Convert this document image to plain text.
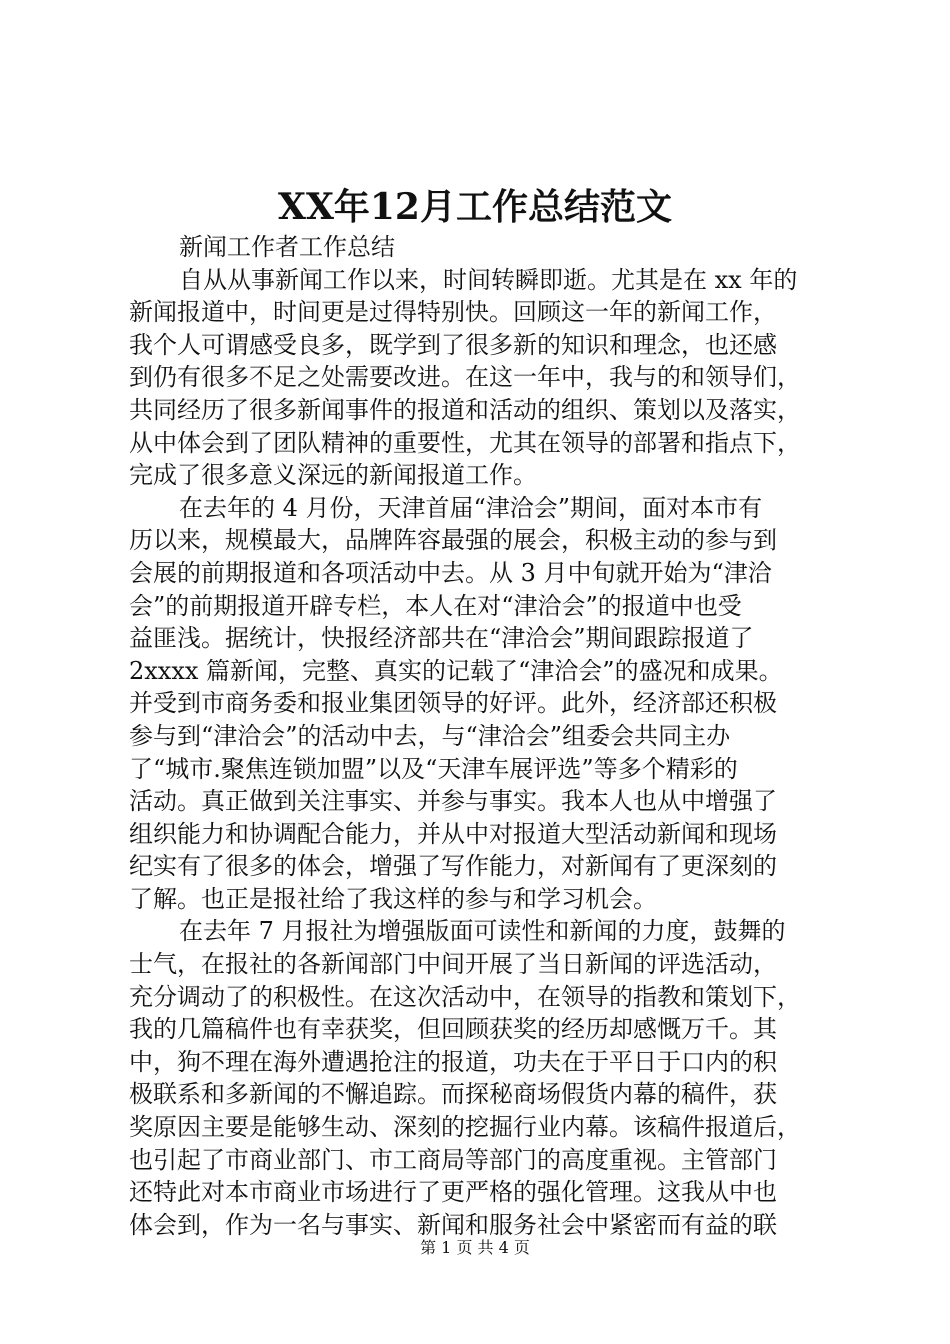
XX年12月工作总结范文
新闻工作者工作总结
自从从事新闻工作以来，时间转瞬即逝。尤其是在 xx 年的
新闻报道中，时间更是过得特别快。回顾这一年的新闻工作，
我个人可谓感受良多，既学到了很多新的知识和理念，也还感
到仍有很多不足之处需要改进。在这一年中，我与的和领导们，
共同经历了很多新闻事件的报道和活动的组织、策划以及落实，
从中体会到了团队精神的重要性，尤其在领导的部署和指点下，
完成了很多意义深远的新闻报道工作。
在去年的 4 月份，天津首届“津洽会”期间，面对本市有
历以来，规模最大，品牌阵容最强的展会，积极主动的参与到
会展的前期报道和各项活动中去。从 3 月中旬就开始为“津洽
会”的前期报道开辟专栏，本人在对“津洽会”的报道中也受
益匪浅。据统计，快报经济部共在“津洽会”期间跟踪报道了
2xxxx 篇新闻，完整、真实的记载了“津洽会”的盛况和成果。
并受到市商务委和报业集团领导的好评。此外，经济部还积极
参与到“津洽会”的活动中去，与“津洽会”组委会共同主办
了“城市.聚焦连锁加盟”以及“天津车展评选”等多个精彩的
活动。真正做到关注事实、并参与事实。我本人也从中增强了
组织能力和协调配合能力，并从中对报道大型活动新闻和现场
纪实有了很多的体会，增强了写作能力，对新闻有了更深刻的
了解。也正是报社给了我这样的参与和学习机会。
在去年 7 月报社为增强版面可读性和新闻的力度，鼓舞的
士气，在报社的各新闻部门中间开展了当日新闻的评选活动，
充分调动了的积极性。在这次活动中，在领导的指教和策划下，
我的几篇稿件也有幸获奖，但回顾获奖的经历却感慨万千。其
中，狗不理在海外遭遇抢注的报道，功夫在于平日于口内的积
极联系和多新闻的不懈追踪。而探秘商场假货内幕的稿件，获
奖原因主要是能够生动、深刻的挖掘行业内幕。该稿件报道后，
也引起了市商业部门、市工商局等部门的高度重视。主管部门
还特此对本市商业市场进行了更严格的强化管理。这我从中也
体会到，作为一名与事实、新闻和服务社会中紧密而有益的联
第 1 页 共 4 页
